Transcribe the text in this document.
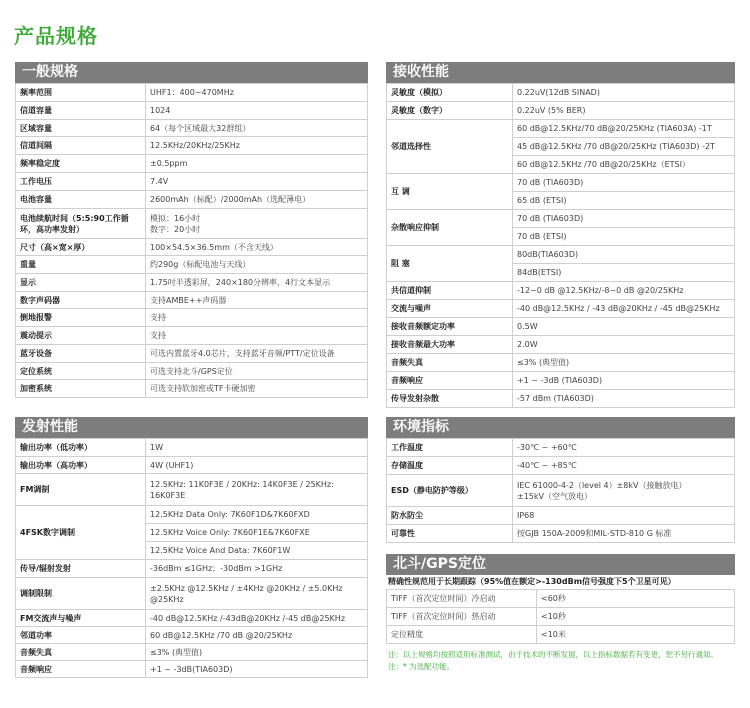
产品规格
一般规格
频率范围	UHF1：400~470MHz
信道容量	1024
区域容量	64（每个区域最大32群组）
信道间隔	12.5KHz/20KHz/25KHz
频率稳定度	±0.5ppm
工作电压	7.4V
电池容量	2600mAh（标配）/2000mAh（选配薄电）
电池续航时间（5:5:90工作循环，高功率发射）	模拟：16小时
数字：20小时

尺寸（高×宽×厚）	100×54.5×36.5mm（不含天线）
重量	约290g（标配电池与天线）
显示	1.75吋半透彩屏，240×180分辨率，4行文本显示
数字声码器	支持AMBE++声码器
倒地报警	支持
震动提示	支持
蓝牙设备	可选内置蓝牙4.0芯片，支持蓝牙音频/PTT/定位设备
定位系统	可选支持北斗/GPS定位
加密系统	可选支持软加密或TF卡硬加密
发射性能
输出功率（低功率）	1W
输出功率（高功率）	4W (UHF1)
FM调制	12.5KHz: 11K0F3E / 20KHz: 14K0F3E / 25KHz:
16K0F3E

4FSK数字调制	12.5KHz Data Only: 7K60F1D&7K60FXD
	12.5KHz Voice Only: 7K60F1E&7K60FXE
	12.5KHz Voice And Data: 7K60F1W
传导/辐射发射	-36dBm ≤1GHz；-30dBm >1GHz
调制限制	±2.5KHz @12.5KHz / ±4KHz @20KHz / ±5.0KHz
@25KHz

FM交流声与噪声	-40 dB@12.5KHz /-43dB@20KHz /-45 dB@25KHz
邻道功率	60 dB@12.5KHz /70 dB @20/25KHz
音频失真	≤3% (典型值)
音频响应	+1 ~ -3dB(TIA603D)
接收性能
灵敏度（模拟）	0.22uV(12dB SINAD)
灵敏度（数字）	0.22uV (5% BER)
邻道选择性	60 dB@12.5KHz/70 dB@20/25KHz (TIA603A) -1T
	45 dB@12.5KHz /70 dB@20/25KHz (TIA603D) -2T
	60 dB@12.5KHz /70 dB@20/25KHz（ETSI）
互 调	70 dB (TIA603D)
	65 dB (ETSI)
杂散响应抑制	70 dB (TIA603D)
	70 dB (ETSI)
阻 塞	80dB(TIA603D)
	84dB(ETSI)
共信道抑制	-12~0 dB @12.5KHz/-8~0 dB @20/25KHz
交流与噪声	-40 dB@12.5KHz / -43 dB@20KHz / -45 dB@25KHz
接收音频额定功率	0.5W
接收音频最大功率	2.0W
音频失真	≤3% (典型值)
音频响应	+1 ~ -3dB (TIA603D)
传导发射杂散	-57 dBm (TIA603D)
环境指标
工作温度	-30℃ ~ +60℃
存储温度	-40℃ ~ +85℃
ESD（静电防护等级）	IEC 61000-4-2（level 4）±8kV（接触放电）
±15kV（空气放电）

防水防尘	IP68
可靠性	按GJB 150A-2009和MIL-STD-810 G 标准
北斗/GPS定位
精确性规范用于长期跟踪（95%值在额定>-130dBm信号强度下5个卫星可见）
TIFF（首次定位时间）冷启动	<60秒
TIFF（首次定位时间）热启动	<10秒
定位精度	<10米
注：以上规格均按照适用标准测试，由于技术的不断发展，以上指标数据若有变更，恕不另行通知。
注：* 为选配功能。
